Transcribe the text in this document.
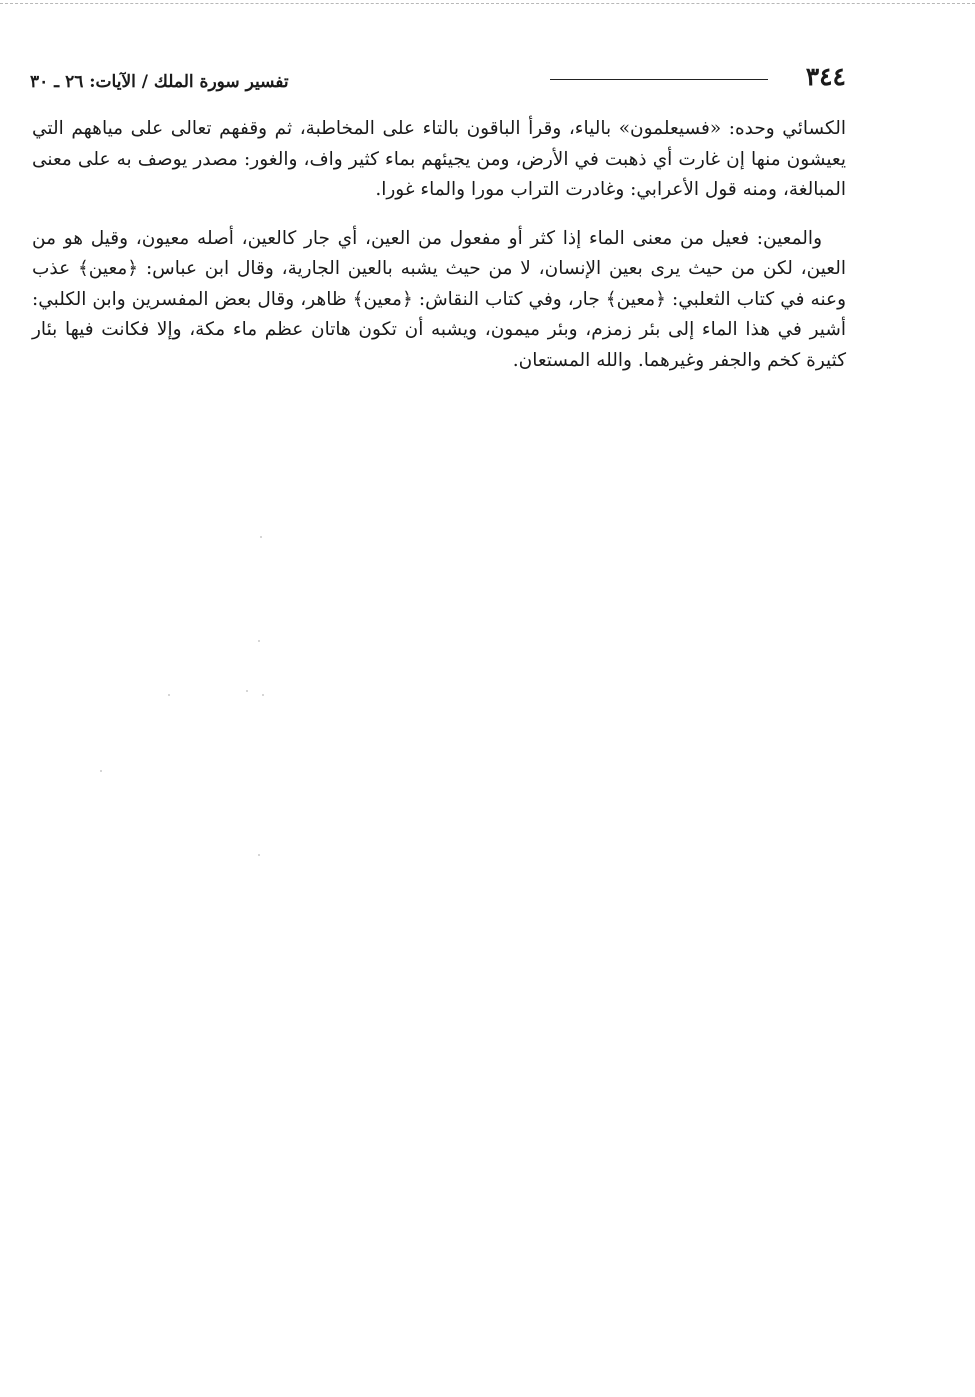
٣٤٤
تفسير سورة الملك / الآيات: ٢٦ ـ ٣٠

الكسائي وحده: «فسيعلمون» بالياء، وقرأ الباقون بالتاء على المخاطبة، ثم وقفهم تعالى على مياههم التي يعيشون منها إن غارت أي ذهبت في الأرض، ومن يجيئهم بماء كثير واف، والغور: مصدر يوصف به على معنى المبالغة، ومنه قول الأعرابي: وغادرت التراب مورا والماء غورا.

والمعين: فعيل من معنى الماء إذا كثر أو مفعول من العين، أي جار كالعين، أصله معيون، وقيل هو من العين، لكن من حيث يرى بعين الإنسان، لا من حيث يشبه بالعين الجارية، وقال ابن عباس: ﴿معين﴾ عذب وعنه في كتاب الثعلبي: ﴿معين﴾ جار، وفي كتاب النقاش: ﴿معين﴾ ظاهر، وقال بعض المفسرين وابن الكلبي: أشير في هذا الماء إلى بئر زمزم، وبئر ميمون، ويشبه أن تكون هاتان عظم ماء مكة، وإلا فكانت فيها بئار كثيرة كخم والجفر وغيرهما. والله المستعان.
